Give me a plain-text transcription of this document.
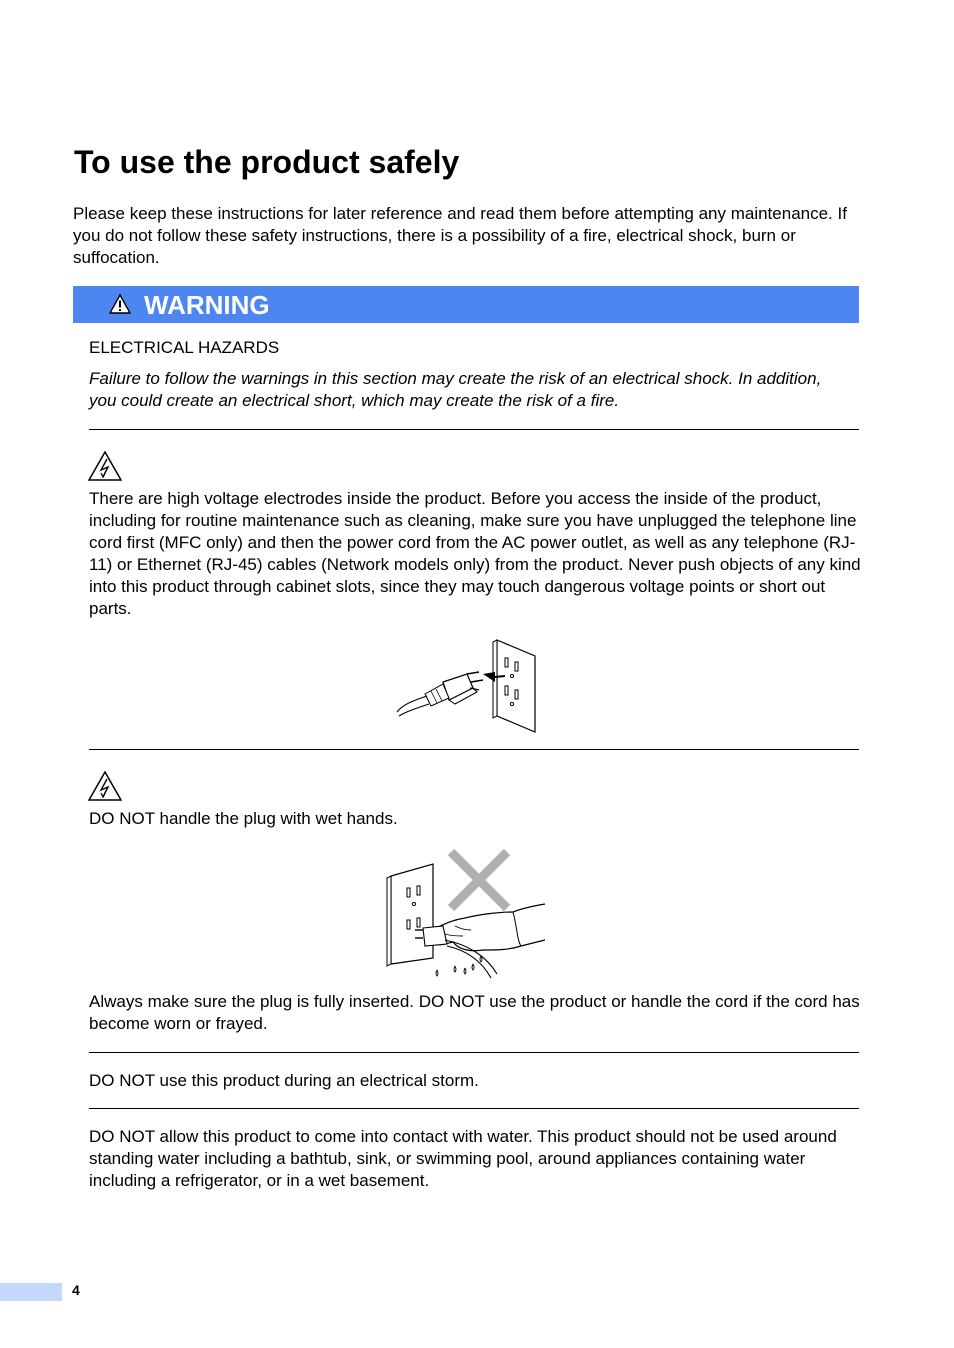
To use the product safely
Please keep these instructions for later reference and read them before attempting any maintenance. If you do not follow these safety instructions, there is a possibility of a fire, electrical shock, burn or suffocation.
WARNING
ELECTRICAL HAZARDS
Failure to follow the warnings in this section may create the risk of an electrical shock. In addition, you could create an electrical short, which may create the risk of a fire.
There are high voltage electrodes inside the product. Before you access the inside of the product, including for routine maintenance such as cleaning, make sure you have unplugged the telephone line cord first (MFC only) and then the power cord from the AC power outlet, as well as any telephone (RJ-11) or Ethernet (RJ-45) cables (Network models only) from the product. Never push objects of any kind into this product through cabinet slots, since they may touch dangerous voltage points or short out parts.
DO NOT handle the plug with wet hands.
Always make sure the plug is fully inserted. DO NOT use the product or handle the cord if the cord has become worn or frayed.
DO NOT use this product during an electrical storm.
DO NOT allow this product to come into contact with water. This product should not be used around standing water including a bathtub, sink, or swimming pool, around appliances containing water including a refrigerator, or in a wet basement.
4
